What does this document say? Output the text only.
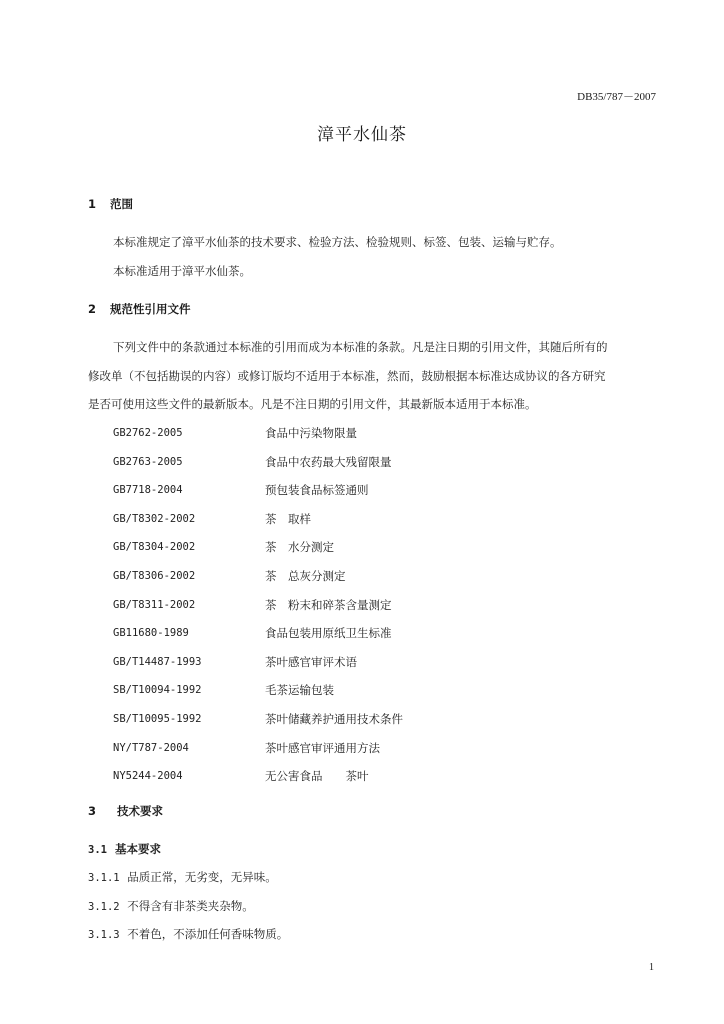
DB35/787－2007
漳平水仙茶
1 范围
本标准规定了漳平水仙茶的技术要求、检验方法、检验规则、标签、包装、运输与贮存。
本标准适用于漳平水仙茶。
2 规范性引用文件
下列文件中的条款通过本标准的引用而成为本标准的条款。凡是注日期的引用文件，其随后所有的
修改单（不包括勘误的内容）或修订版均不适用于本标准，然而，鼓励根据本标准达成协议的各方研究
是否可使用这些文件的最新版本。凡是不注日期的引用文件，其最新版本适用于本标准。
GB2762-2005	食品中污染物限量
GB2763-2005	食品中农药最大残留限量
GB7718-2004	预包装食品标签通则
GB/T8302-2002	茶　取样
GB/T8304-2002	茶　水分测定
GB/T8306-2002	茶　总灰分测定
GB/T8311-2002	茶　粉末和碎茶含量测定
GB11680-1989	食品包装用原纸卫生标准
GB/T14487-1993	茶叶感官审评术语
SB/T10094-1992	毛茶运输包装
SB/T10095-1992	茶叶储藏养护通用技术条件
NY/T787-2004	茶叶感官审评通用方法
NY5244-2004	无公害食品　　茶叶
3 技术要求
3.1 基本要求
3.1.1 品质正常，无劣变，无异味。
3.1.2 不得含有非茶类夹杂物。
3.1.3 不着色，不添加任何香味物质。
1
